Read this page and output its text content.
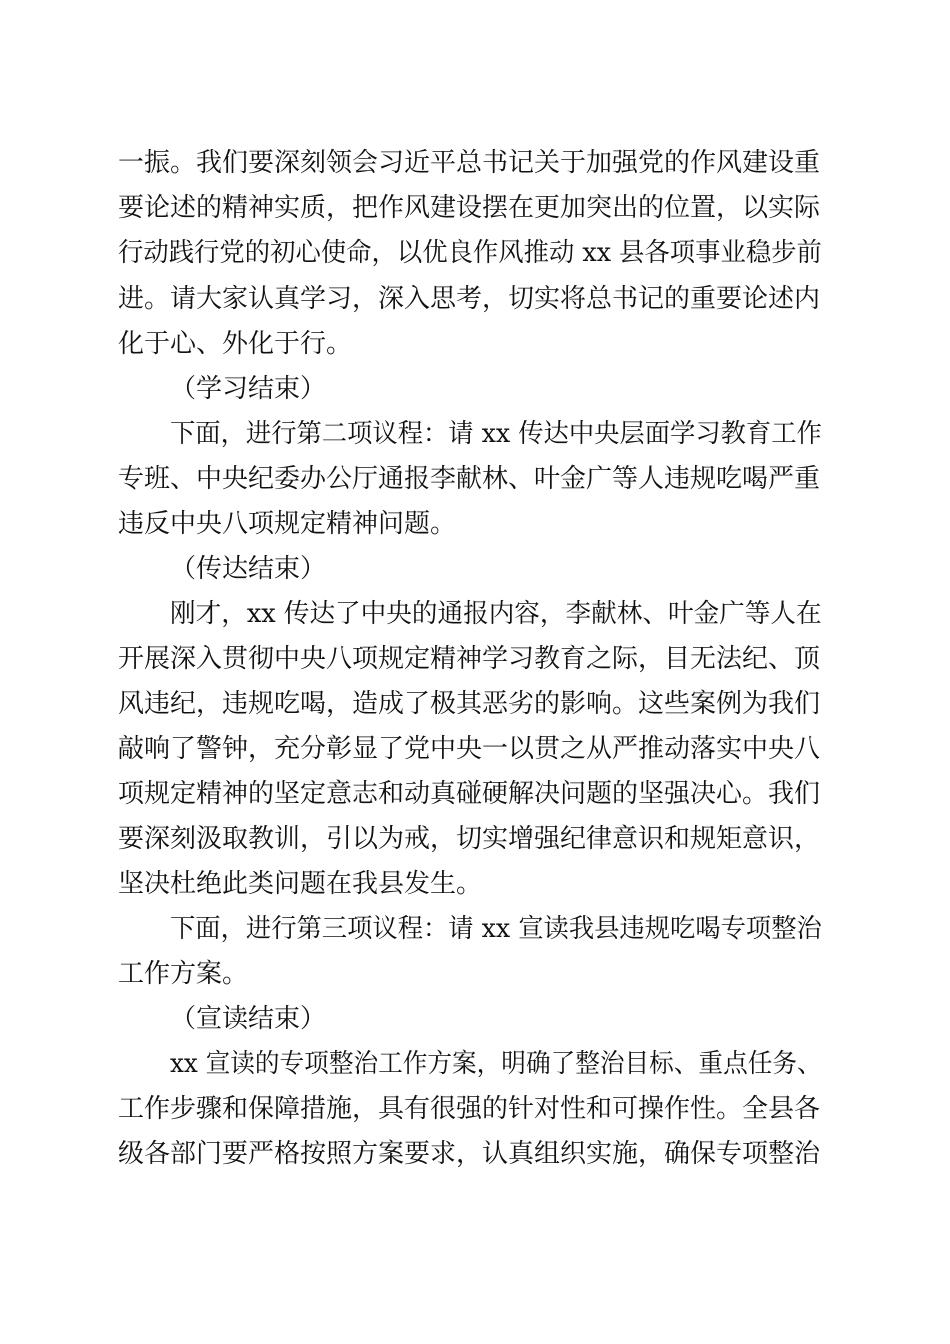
一振。我们要深刻领会习近平总书记关于加强党的作风建设重
要论述的精神实质，把作风建设摆在更加突出的位置，以实际
行动践行党的初心使命，以优良作风推动 xx 县各项事业稳步前
进。请大家认真学习，深入思考，切实将总书记的重要论述内
化于心、外化于行。
（学习结束）
下面，进行第二项议程：请 xx 传达中央层面学习教育工作
专班、中央纪委办公厅通报李献林、叶金广等人违规吃喝严重
违反中央八项规定精神问题。
（传达结束）
刚才，xx 传达了中央的通报内容，李献林、叶金广等人在
开展深入贯彻中央八项规定精神学习教育之际，目无法纪、顶
风违纪，违规吃喝，造成了极其恶劣的影响。这些案例为我们
敲响了警钟，充分彰显了党中央一以贯之从严推动落实中央八
项规定精神的坚定意志和动真碰硬解决问题的坚强决心。我们
要深刻汲取教训，引以为戒，切实增强纪律意识和规矩意识，
坚决杜绝此类问题在我县发生。
下面，进行第三项议程：请 xx 宣读我县违规吃喝专项整治
工作方案。
（宣读结束）
xx 宣读的专项整治工作方案，明确了整治目标、重点任务、
工作步骤和保障措施，具有很强的针对性和可操作性。全县各
级各部门要严格按照方案要求，认真组织实施，确保专项整治
